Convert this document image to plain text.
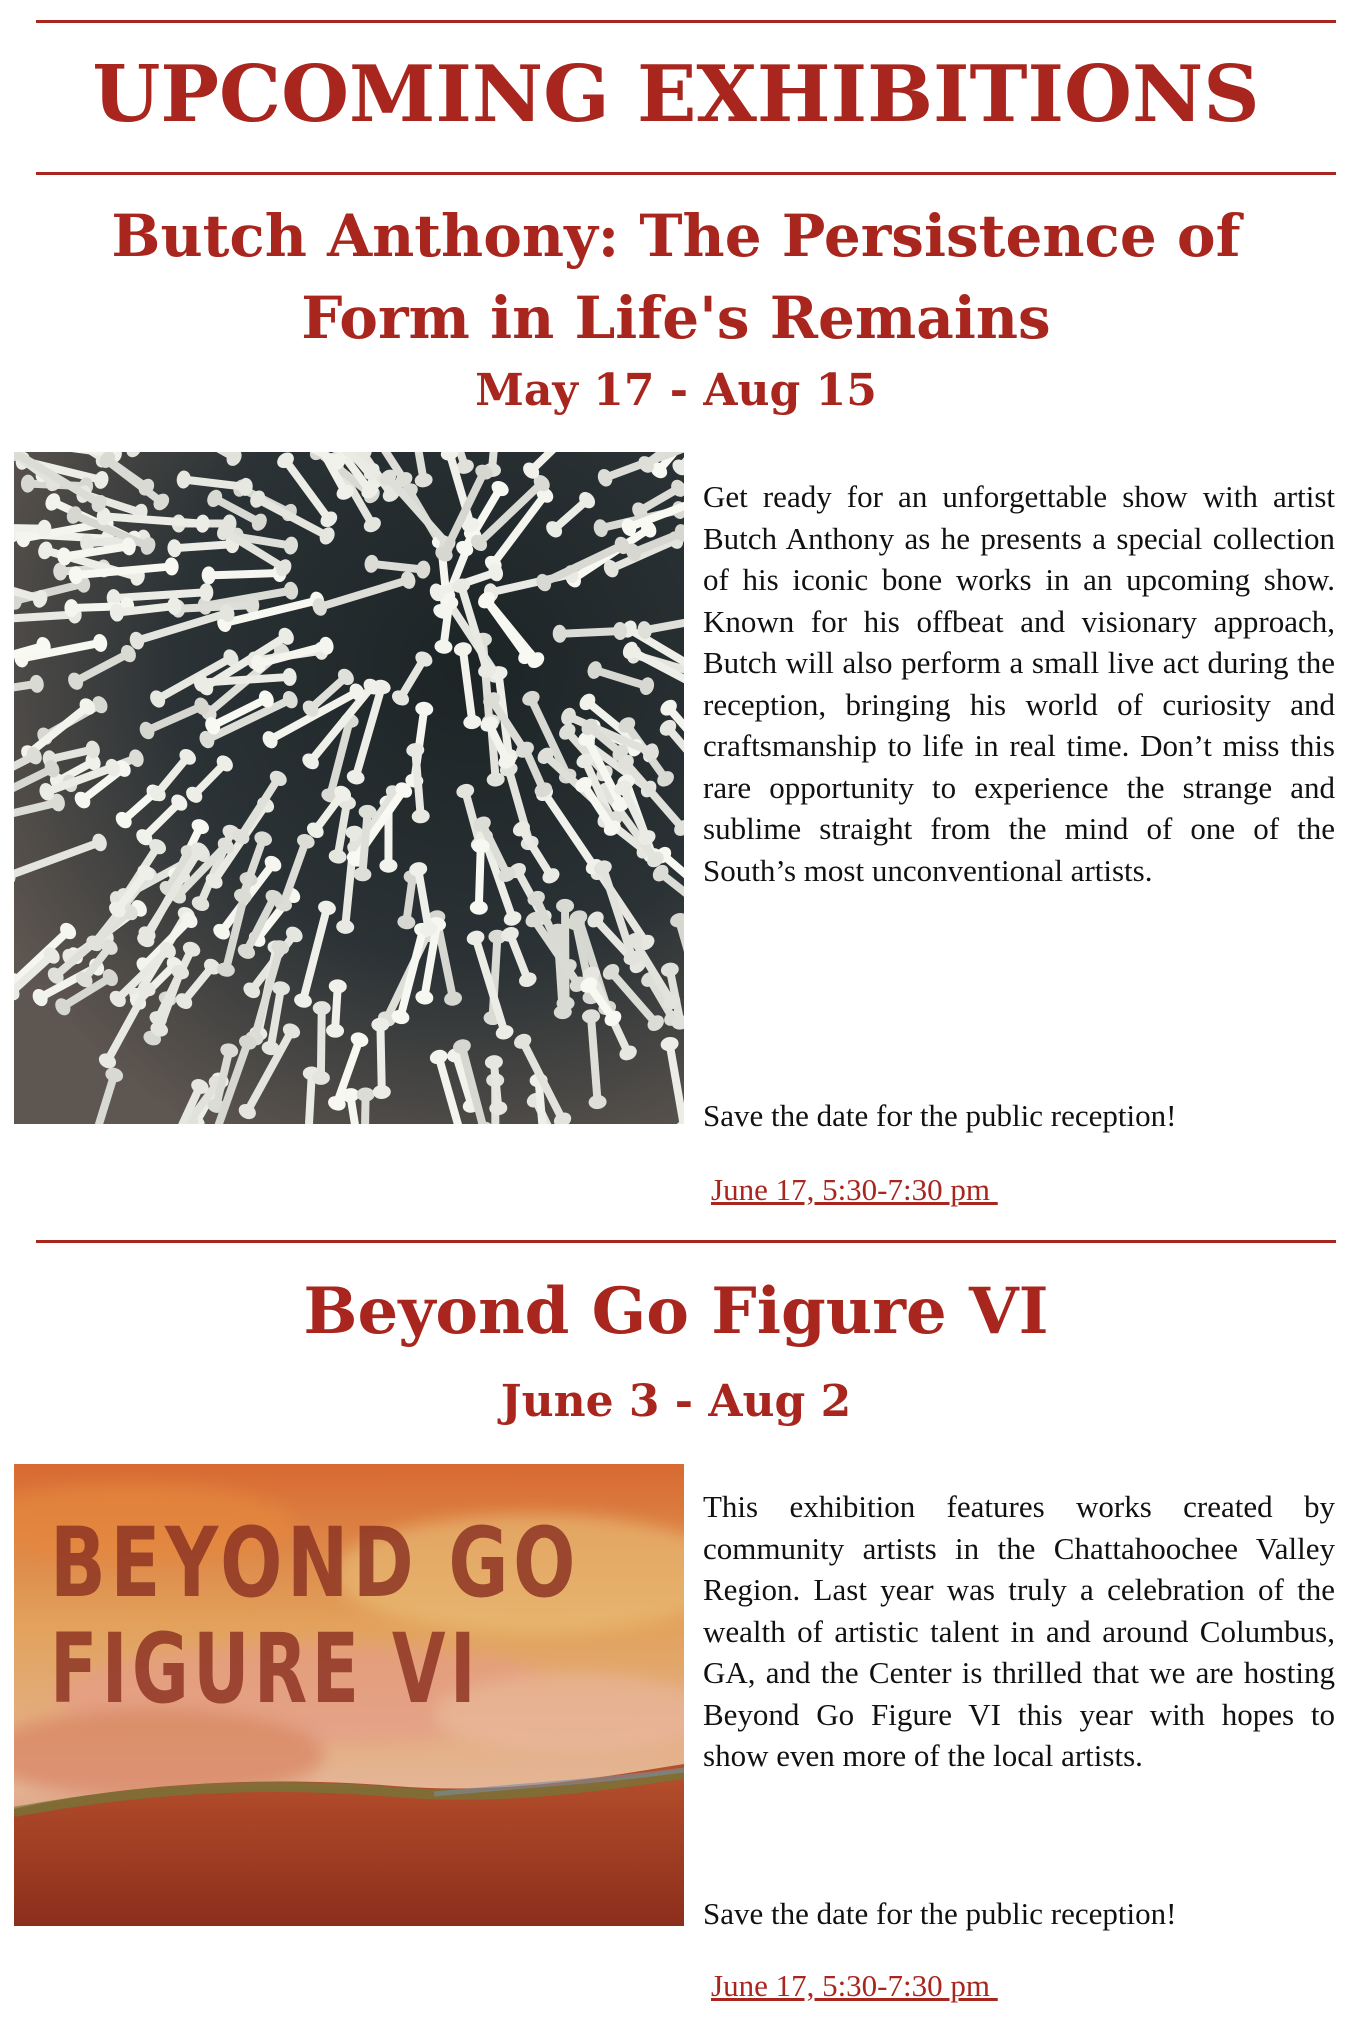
UPCOMING EXHIBITIONS
Butch Anthony: The Persistence of
Form in Life's Remains
May 17 - Aug 15

Get ready for an unforgettable show with artist Butch Anthony as he presents a special collection of his iconic bone works in an upcoming show. Known for his offbeat and visionary approach, Butch will also perform a small live act during the reception, bringing his world of curiosity and craftsmanship to life in real time. Don’t miss this rare opportunity to experience the strange and sublime straight from the mind of one of the South’s most unconventional artists.

Save the date for the public reception!

June 17, 5:30-7:30 pm
Beyond Go Figure VI
June 3 - Aug 2
BEYOND GO
FIGURE VI

This exhibition features works created by community artists in the Chattahoochee Valley Region. Last year was truly a celebration of the wealth of artistic talent in and around Columbus, GA, and the Center is thrilled that we are hosting Beyond Go Figure VI this year with hopes to show even more of the local artists.

Save the date for the public reception!

June 17, 5:30-7:30 pm
